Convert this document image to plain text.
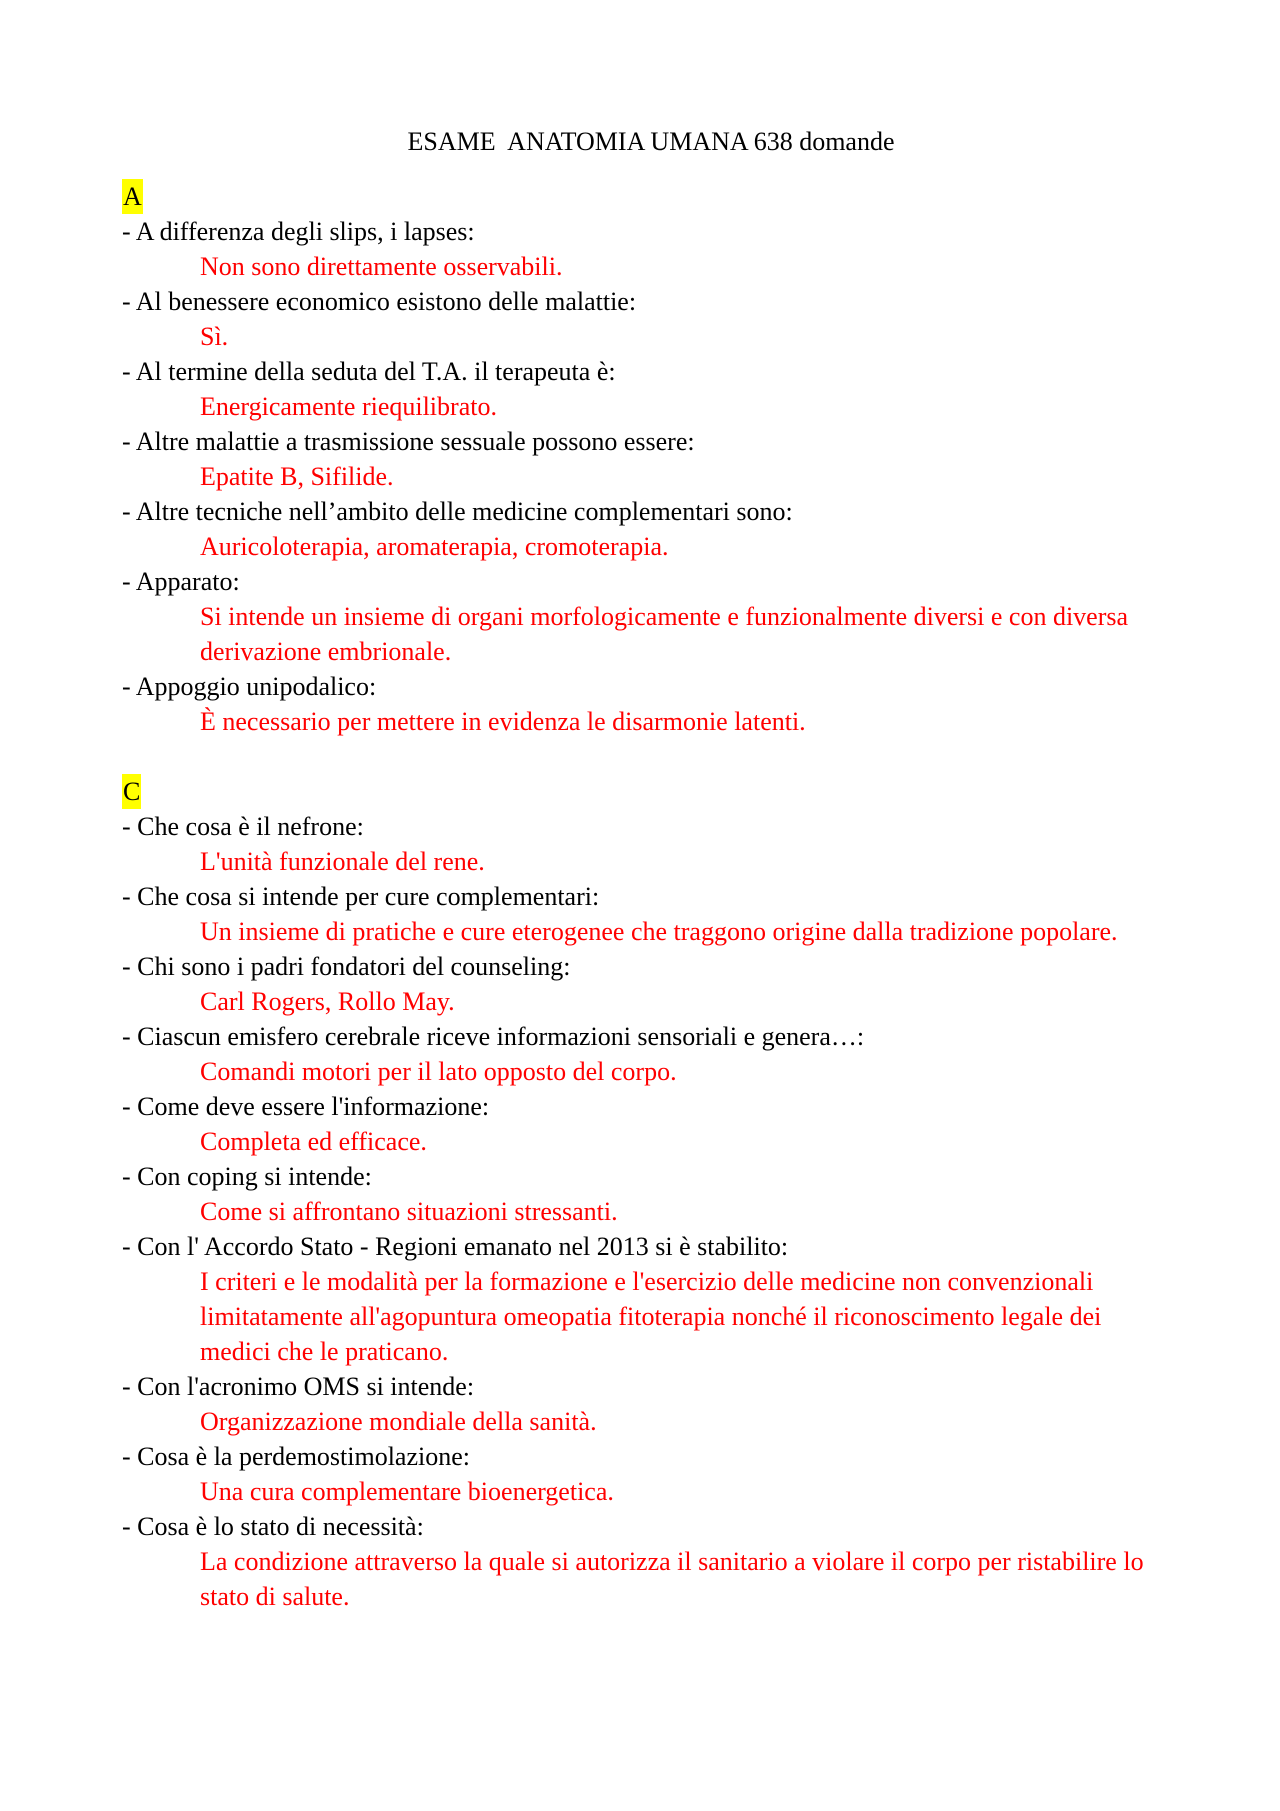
ESAME  ANATOMIA UMANA 638 domande
A
- A differenza degli slips, i lapses:
Non sono direttamente osservabili.
- Al benessere economico esistono delle malattie:
Sì.
- Al termine della seduta del T.A. il terapeuta è:
Energicamente riequilibrato.
- Altre malattie a trasmissione sessuale possono essere:
Epatite B, Sifilide.
- Altre tecniche nell’ambito delle medicine complementari sono:
Auricoloterapia, aromaterapia, cromoterapia.
- Apparato:
Si intende un insieme di organi morfologicamente e funzionalmente diversi e con diversa derivazione embrionale.
- Appoggio unipodalico:
È necessario per mettere in evidenza le disarmonie latenti.
C
- Che cosa è il nefrone:
L'unità funzionale del rene.
- Che cosa si intende per cure complementari:
Un insieme di pratiche e cure eterogenee che traggono origine dalla tradizione popolare.
- Chi sono i padri fondatori del counseling:
Carl Rogers, Rollo May.
- Ciascun emisfero cerebrale riceve informazioni sensoriali e genera…:
Comandi motori per il lato opposto del corpo.
- Come deve essere l'informazione:
Completa ed efficace.
- Con coping si intende:
Come si affrontano situazioni stressanti.
- Con l' Accordo Stato - Regioni emanato nel 2013 si è stabilito:
I criteri e le modalità per la formazione e l'esercizio delle medicine non convenzionali limitatamente all'agopuntura omeopatia fitoterapia nonché il riconoscimento legale dei medici che le praticano.
- Con l'acronimo OMS si intende:
Organizzazione mondiale della sanità.
- Cosa è la perdemostimolazione:
Una cura complementare bioenergetica.
- Cosa è lo stato di necessità:
La condizione attraverso la quale si autorizza il sanitario a violare il corpo per ristabilire lo stato di salute.
